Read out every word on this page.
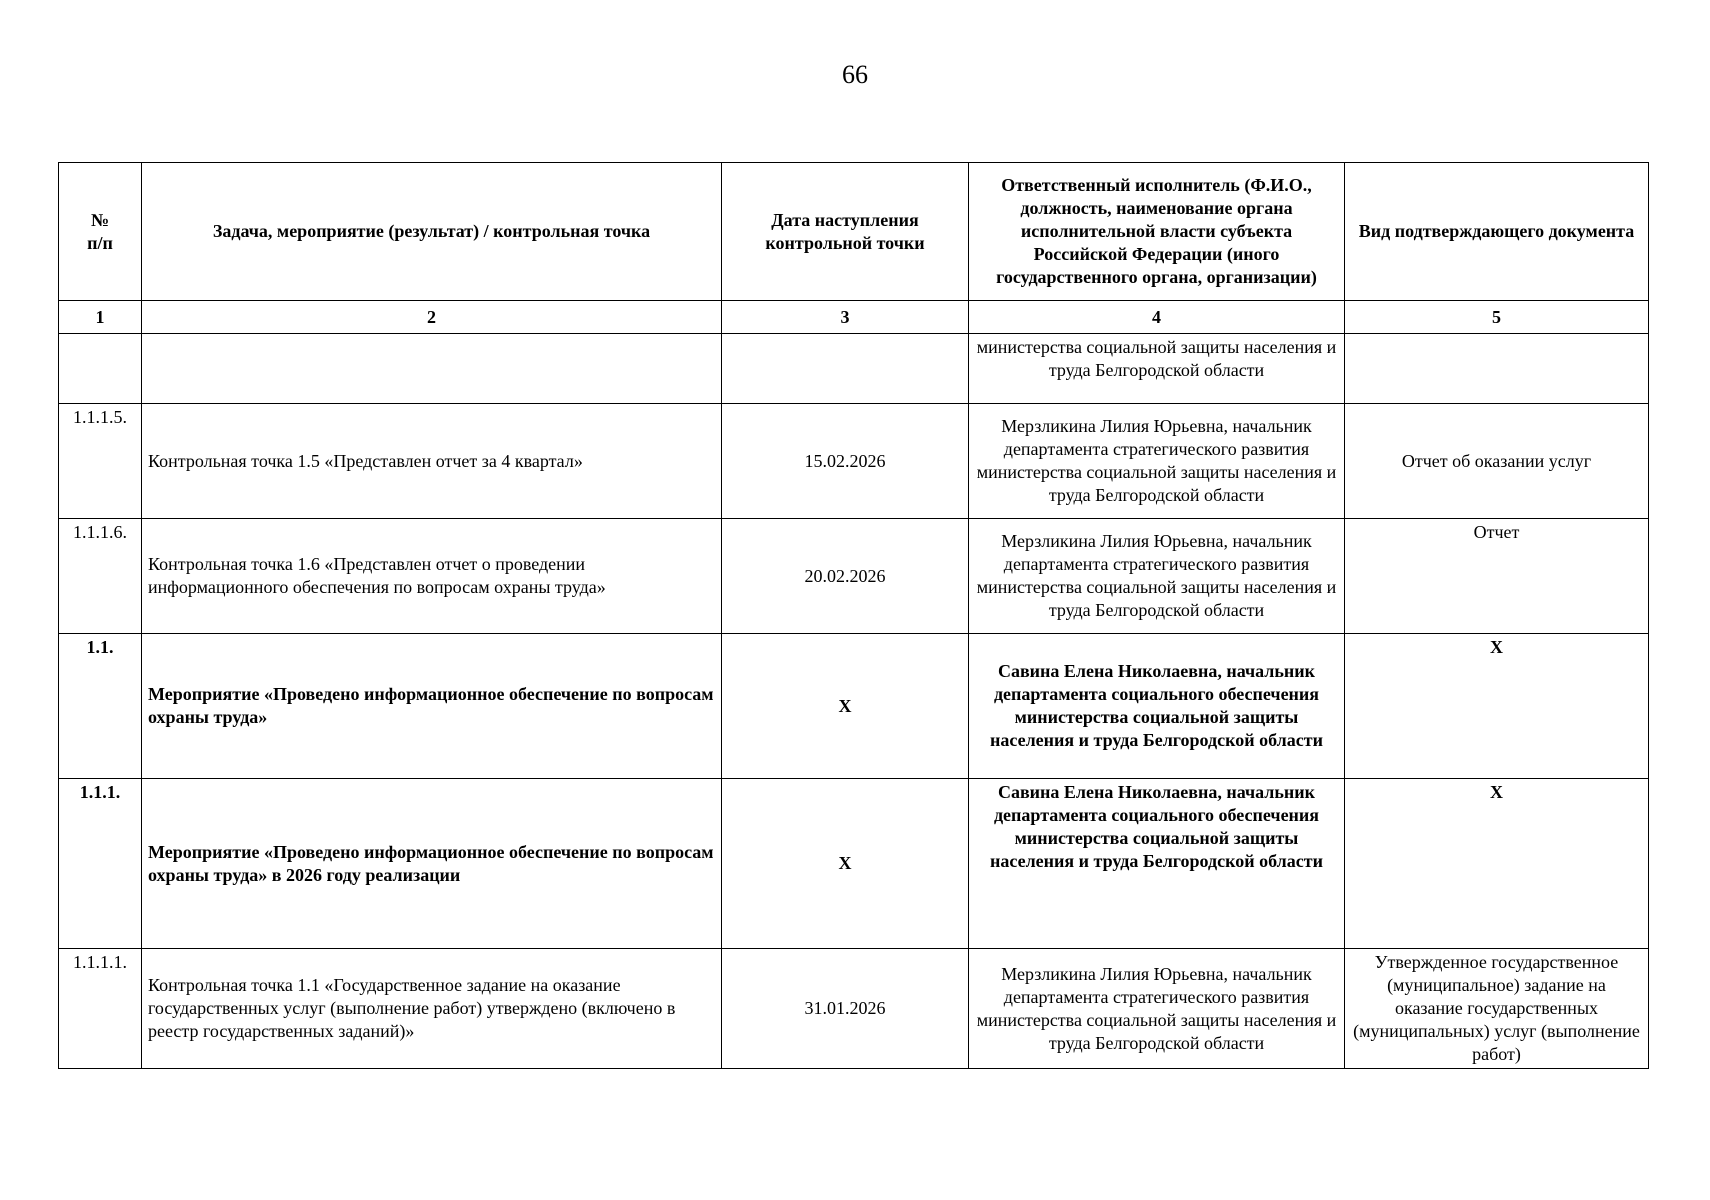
66
№
п/п	Задача, мероприятие (результат) / контрольная точка	Дата наступления контрольной точки	Ответственный исполнитель (Ф.И.О., должность, наименование органа исполнительной власти субъекта Российской Федерации (иного государственного органа, организации)	Вид подтверждающего документа
1	2	3	4	5
			министерства социальной защиты населения и труда Белгородской области	
1.1.1.5.	Контрольная точка 1.5 «Представлен отчет за 4 квартал»	15.02.2026	Мерзликина Лилия Юрьевна, начальник департамента стратегического развития министерства социальной защиты населения и труда Белгородской области	Отчет об оказании услуг
1.1.1.6.	Контрольная точка 1.6 «Представлен отчет о проведении информационного обеспечения по вопросам охраны труда»	20.02.2026	Мерзликина Лилия Юрьевна, начальник департамента стратегического развития министерства социальной защиты населения и труда Белгородской области	Отчет
1.1.	Мероприятие «Проведено информационное обеспечение по вопросам охраны труда»	Х	Савина Елена Николаевна, начальник департамента социального обеспечения министерства социальной защиты населения и труда Белгородской области	Х
1.1.1.	Мероприятие «Проведено информационное обеспечение по вопросам охраны труда» в 2026 году реализации	Х	Савина Елена Николаевна, начальник департамента социального обеспечения министерства социальной защиты населения и труда Белгородской области	Х
1.1.1.1.	Контрольная точка 1.1 «Государственное задание на оказание государственных услуг (выполнение работ) утверждено (включено в реестр государственных заданий)»	31.01.2026	Мерзликина Лилия Юрьевна, начальник департамента стратегического развития министерства социальной защиты населения и труда Белгородской области	Утвержденное государственное (муниципальное) задание на оказание государственных (муниципальных) услуг (выполнение работ)
